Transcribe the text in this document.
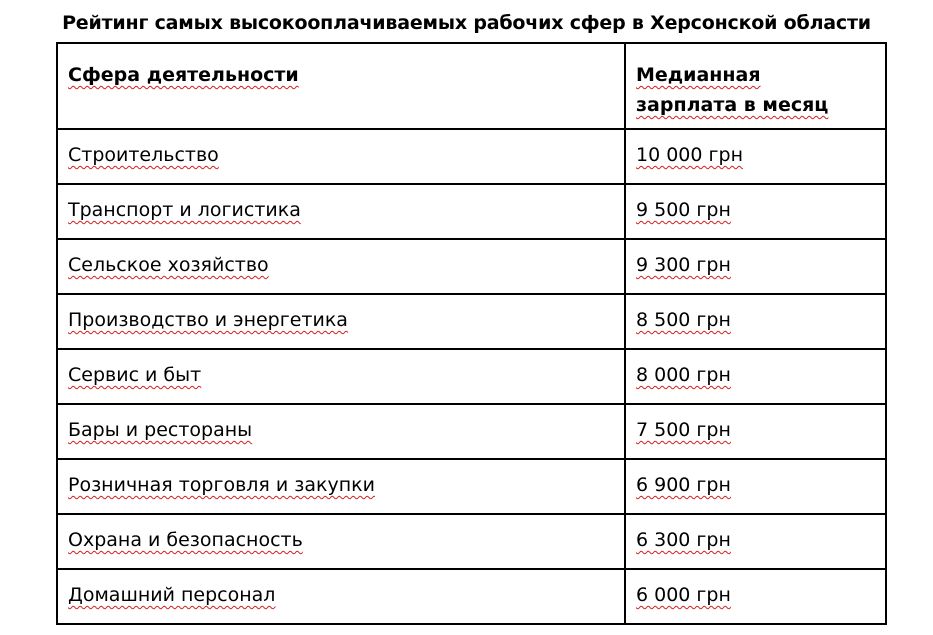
Рейтинг самых высокооплачиваемых рабочих сфер в Херсонской области
Сфера деятельности	Медианная зарплата в месяц
Строительство	10 000 грн
Транспорт и логистика	9 500 грн
Сельское хозяйство	9 300 грн
Производство и энергетика	8 500 грн
Сервис и быт	8 000 грн
Бары и рестораны	7 500 грн
Розничная торговля и закупки	6 900 грн
Охрана и безопасность	6 300 грн
Домашний персонал	6 000 грн
